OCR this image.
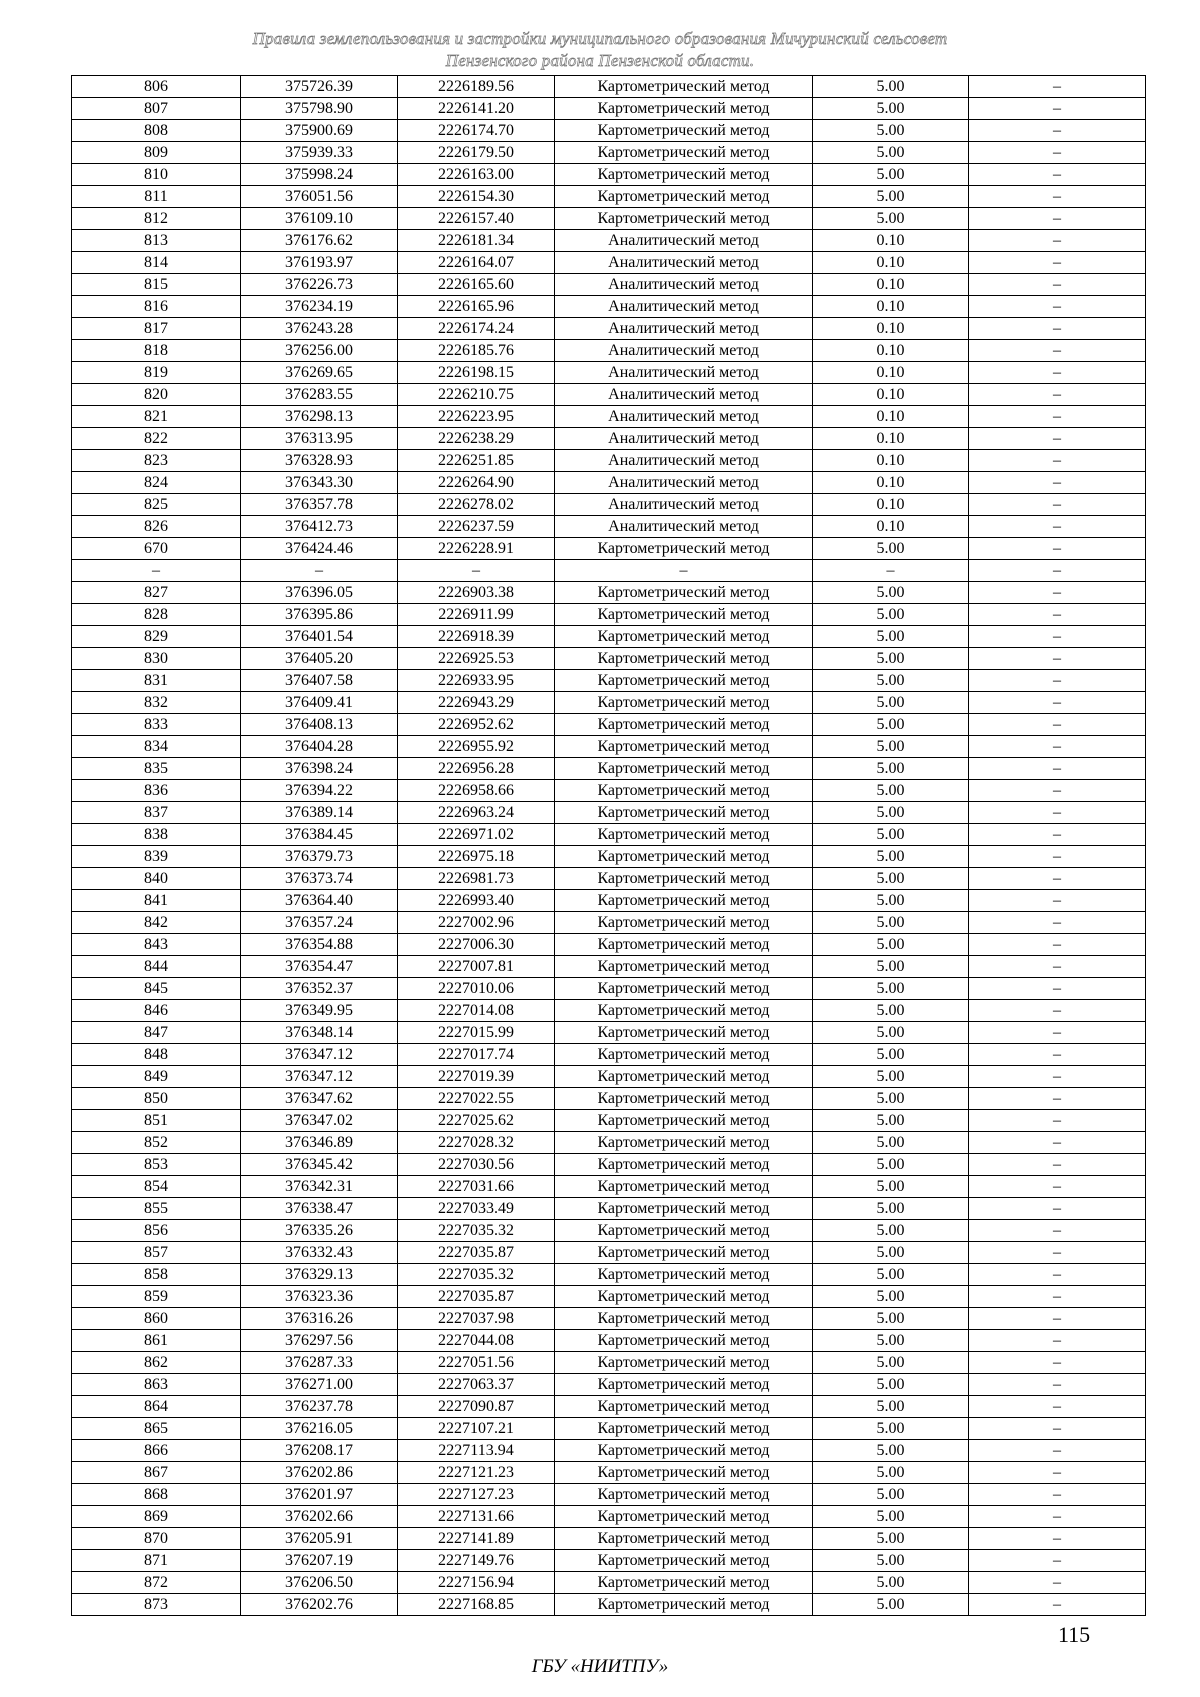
Правила землепользования и застройки муниципального образования Мичуринский сельсовет
Пензенского района Пензенской области.
806	375726.39	2226189.56	Картометрический метод	5.00	–
807	375798.90	2226141.20	Картометрический метод	5.00	–
808	375900.69	2226174.70	Картометрический метод	5.00	–
809	375939.33	2226179.50	Картометрический метод	5.00	–
810	375998.24	2226163.00	Картометрический метод	5.00	–
811	376051.56	2226154.30	Картометрический метод	5.00	–
812	376109.10	2226157.40	Картометрический метод	5.00	–
813	376176.62	2226181.34	Аналитический метод	0.10	–
814	376193.97	2226164.07	Аналитический метод	0.10	–
815	376226.73	2226165.60	Аналитический метод	0.10	–
816	376234.19	2226165.96	Аналитический метод	0.10	–
817	376243.28	2226174.24	Аналитический метод	0.10	–
818	376256.00	2226185.76	Аналитический метод	0.10	–
819	376269.65	2226198.15	Аналитический метод	0.10	–
820	376283.55	2226210.75	Аналитический метод	0.10	–
821	376298.13	2226223.95	Аналитический метод	0.10	–
822	376313.95	2226238.29	Аналитический метод	0.10	–
823	376328.93	2226251.85	Аналитический метод	0.10	–
824	376343.30	2226264.90	Аналитический метод	0.10	–
825	376357.78	2226278.02	Аналитический метод	0.10	–
826	376412.73	2226237.59	Аналитический метод	0.10	–
670	376424.46	2226228.91	Картометрический метод	5.00	–
–	–	–	–	–	–
827	376396.05	2226903.38	Картометрический метод	5.00	–
828	376395.86	2226911.99	Картометрический метод	5.00	–
829	376401.54	2226918.39	Картометрический метод	5.00	–
830	376405.20	2226925.53	Картометрический метод	5.00	–
831	376407.58	2226933.95	Картометрический метод	5.00	–
832	376409.41	2226943.29	Картометрический метод	5.00	–
833	376408.13	2226952.62	Картометрический метод	5.00	–
834	376404.28	2226955.92	Картометрический метод	5.00	–
835	376398.24	2226956.28	Картометрический метод	5.00	–
836	376394.22	2226958.66	Картометрический метод	5.00	–
837	376389.14	2226963.24	Картометрический метод	5.00	–
838	376384.45	2226971.02	Картометрический метод	5.00	–
839	376379.73	2226975.18	Картометрический метод	5.00	–
840	376373.74	2226981.73	Картометрический метод	5.00	–
841	376364.40	2226993.40	Картометрический метод	5.00	–
842	376357.24	2227002.96	Картометрический метод	5.00	–
843	376354.88	2227006.30	Картометрический метод	5.00	–
844	376354.47	2227007.81	Картометрический метод	5.00	–
845	376352.37	2227010.06	Картометрический метод	5.00	–
846	376349.95	2227014.08	Картометрический метод	5.00	–
847	376348.14	2227015.99	Картометрический метод	5.00	–
848	376347.12	2227017.74	Картометрический метод	5.00	–
849	376347.12	2227019.39	Картометрический метод	5.00	–
850	376347.62	2227022.55	Картометрический метод	5.00	–
851	376347.02	2227025.62	Картометрический метод	5.00	–
852	376346.89	2227028.32	Картометрический метод	5.00	–
853	376345.42	2227030.56	Картометрический метод	5.00	–
854	376342.31	2227031.66	Картометрический метод	5.00	–
855	376338.47	2227033.49	Картометрический метод	5.00	–
856	376335.26	2227035.32	Картометрический метод	5.00	–
857	376332.43	2227035.87	Картометрический метод	5.00	–
858	376329.13	2227035.32	Картометрический метод	5.00	–
859	376323.36	2227035.87	Картометрический метод	5.00	–
860	376316.26	2227037.98	Картометрический метод	5.00	–
861	376297.56	2227044.08	Картометрический метод	5.00	–
862	376287.33	2227051.56	Картометрический метод	5.00	–
863	376271.00	2227063.37	Картометрический метод	5.00	–
864	376237.78	2227090.87	Картометрический метод	5.00	–
865	376216.05	2227107.21	Картометрический метод	5.00	–
866	376208.17	2227113.94	Картометрический метод	5.00	–
867	376202.86	2227121.23	Картометрический метод	5.00	–
868	376201.97	2227127.23	Картометрический метод	5.00	–
869	376202.66	2227131.66	Картометрический метод	5.00	–
870	376205.91	2227141.89	Картометрический метод	5.00	–
871	376207.19	2227149.76	Картометрический метод	5.00	–
872	376206.50	2227156.94	Картометрический метод	5.00	–
873	376202.76	2227168.85	Картометрический метод	5.00	–
115
ГБУ «НИИТПУ»
